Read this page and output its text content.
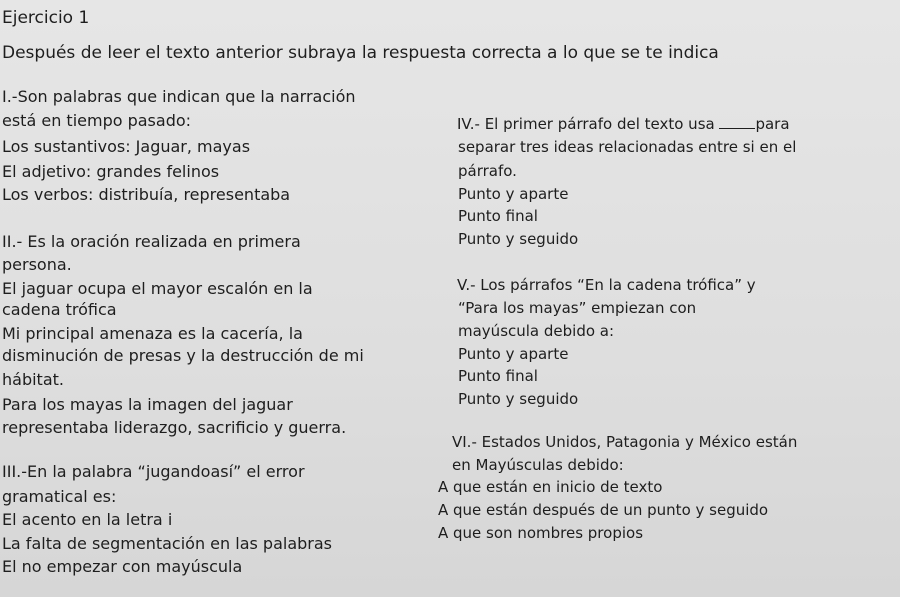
Ejercicio 1
Después de leer el texto anterior subraya la respuesta correcta a lo que se te indica
I.-Son palabras que indican que la narración
está en tiempo pasado:
Los sustantivos: Jaguar, mayas
El adjetivo: grandes felinos
Los verbos: distribuía, representaba
II.- Es la oración realizada en primera
persona.
El jaguar ocupa el mayor escalón en la
cadena trófica
Mi principal amenaza es la cacería, la
disminución de presas y la destrucción de mi
hábitat.
Para los mayas la imagen del jaguar
representaba liderazgo, sacrificio y guerra.
III.-En la palabra “jugandoasí” el error
gramatical es:
El acento en la letra i
La falta de segmentación en las palabras
El no empezar con mayúscula
IV.- El primer párrafo del texto usa para
separar tres ideas relacionadas entre si en el
párrafo.
Punto y aparte
Punto final
Punto y seguido
V.- Los párrafos “En la cadena trófica” y
“Para los mayas” empiezan con
mayúscula debido a:
Punto y aparte
Punto final
Punto y seguido
VI.- Estados Unidos, Patagonia y México están
en Mayúsculas debido:
A que están en inicio de texto
A que están después de un punto y seguido
A que son nombres propios
